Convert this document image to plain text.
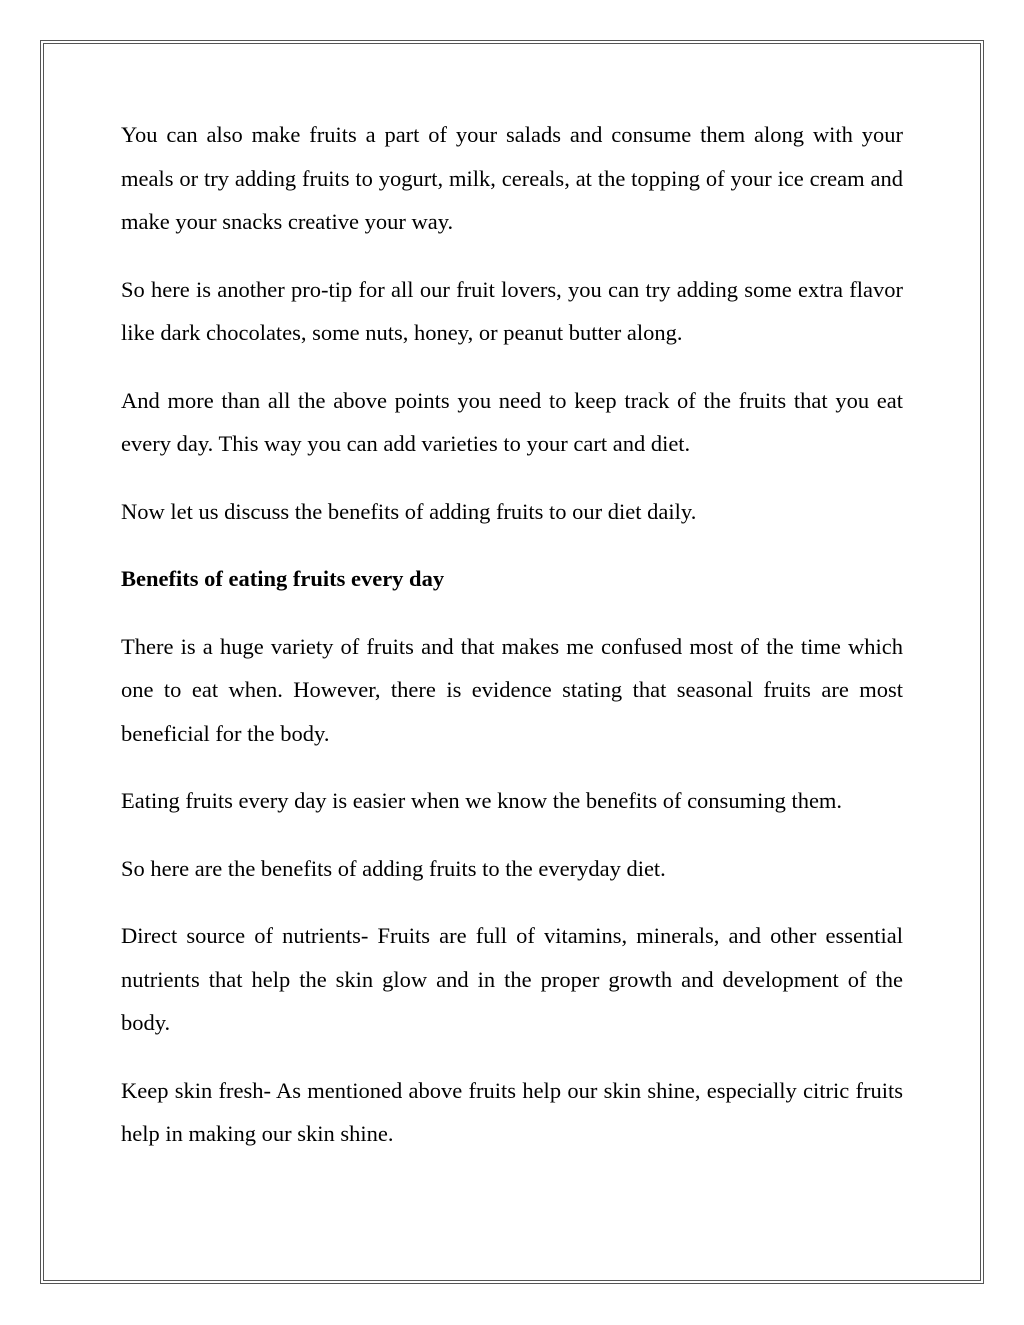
You can also make fruits a part of your salads and consume them along with your meals or try adding fruits to yogurt, milk, cereals, at the topping of your ice cream and make your snacks creative your way.

So here is another pro-tip for all our fruit lovers, you can try adding some extra flavor like dark chocolates, some nuts, honey, or peanut butter along.

And more than all the above points you need to keep track of the fruits that you eat every day. This way you can add varieties to your cart and diet.

Now let us discuss the benefits of adding fruits to our diet daily.

Benefits of eating fruits every day

There is a huge variety of fruits and that makes me confused most of the time which one to eat when. However, there is evidence stating that seasonal fruits are most beneficial for the body.

Eating fruits every day is easier when we know the benefits of consuming them.

So here are the benefits of adding fruits to the everyday diet.

Direct source of nutrients- Fruits are full of vitamins, minerals, and other essential nutrients that help the skin glow and in the proper growth and development of the body.

Keep skin fresh- As mentioned above fruits help our skin shine, especially citric fruits help in making our skin shine.
